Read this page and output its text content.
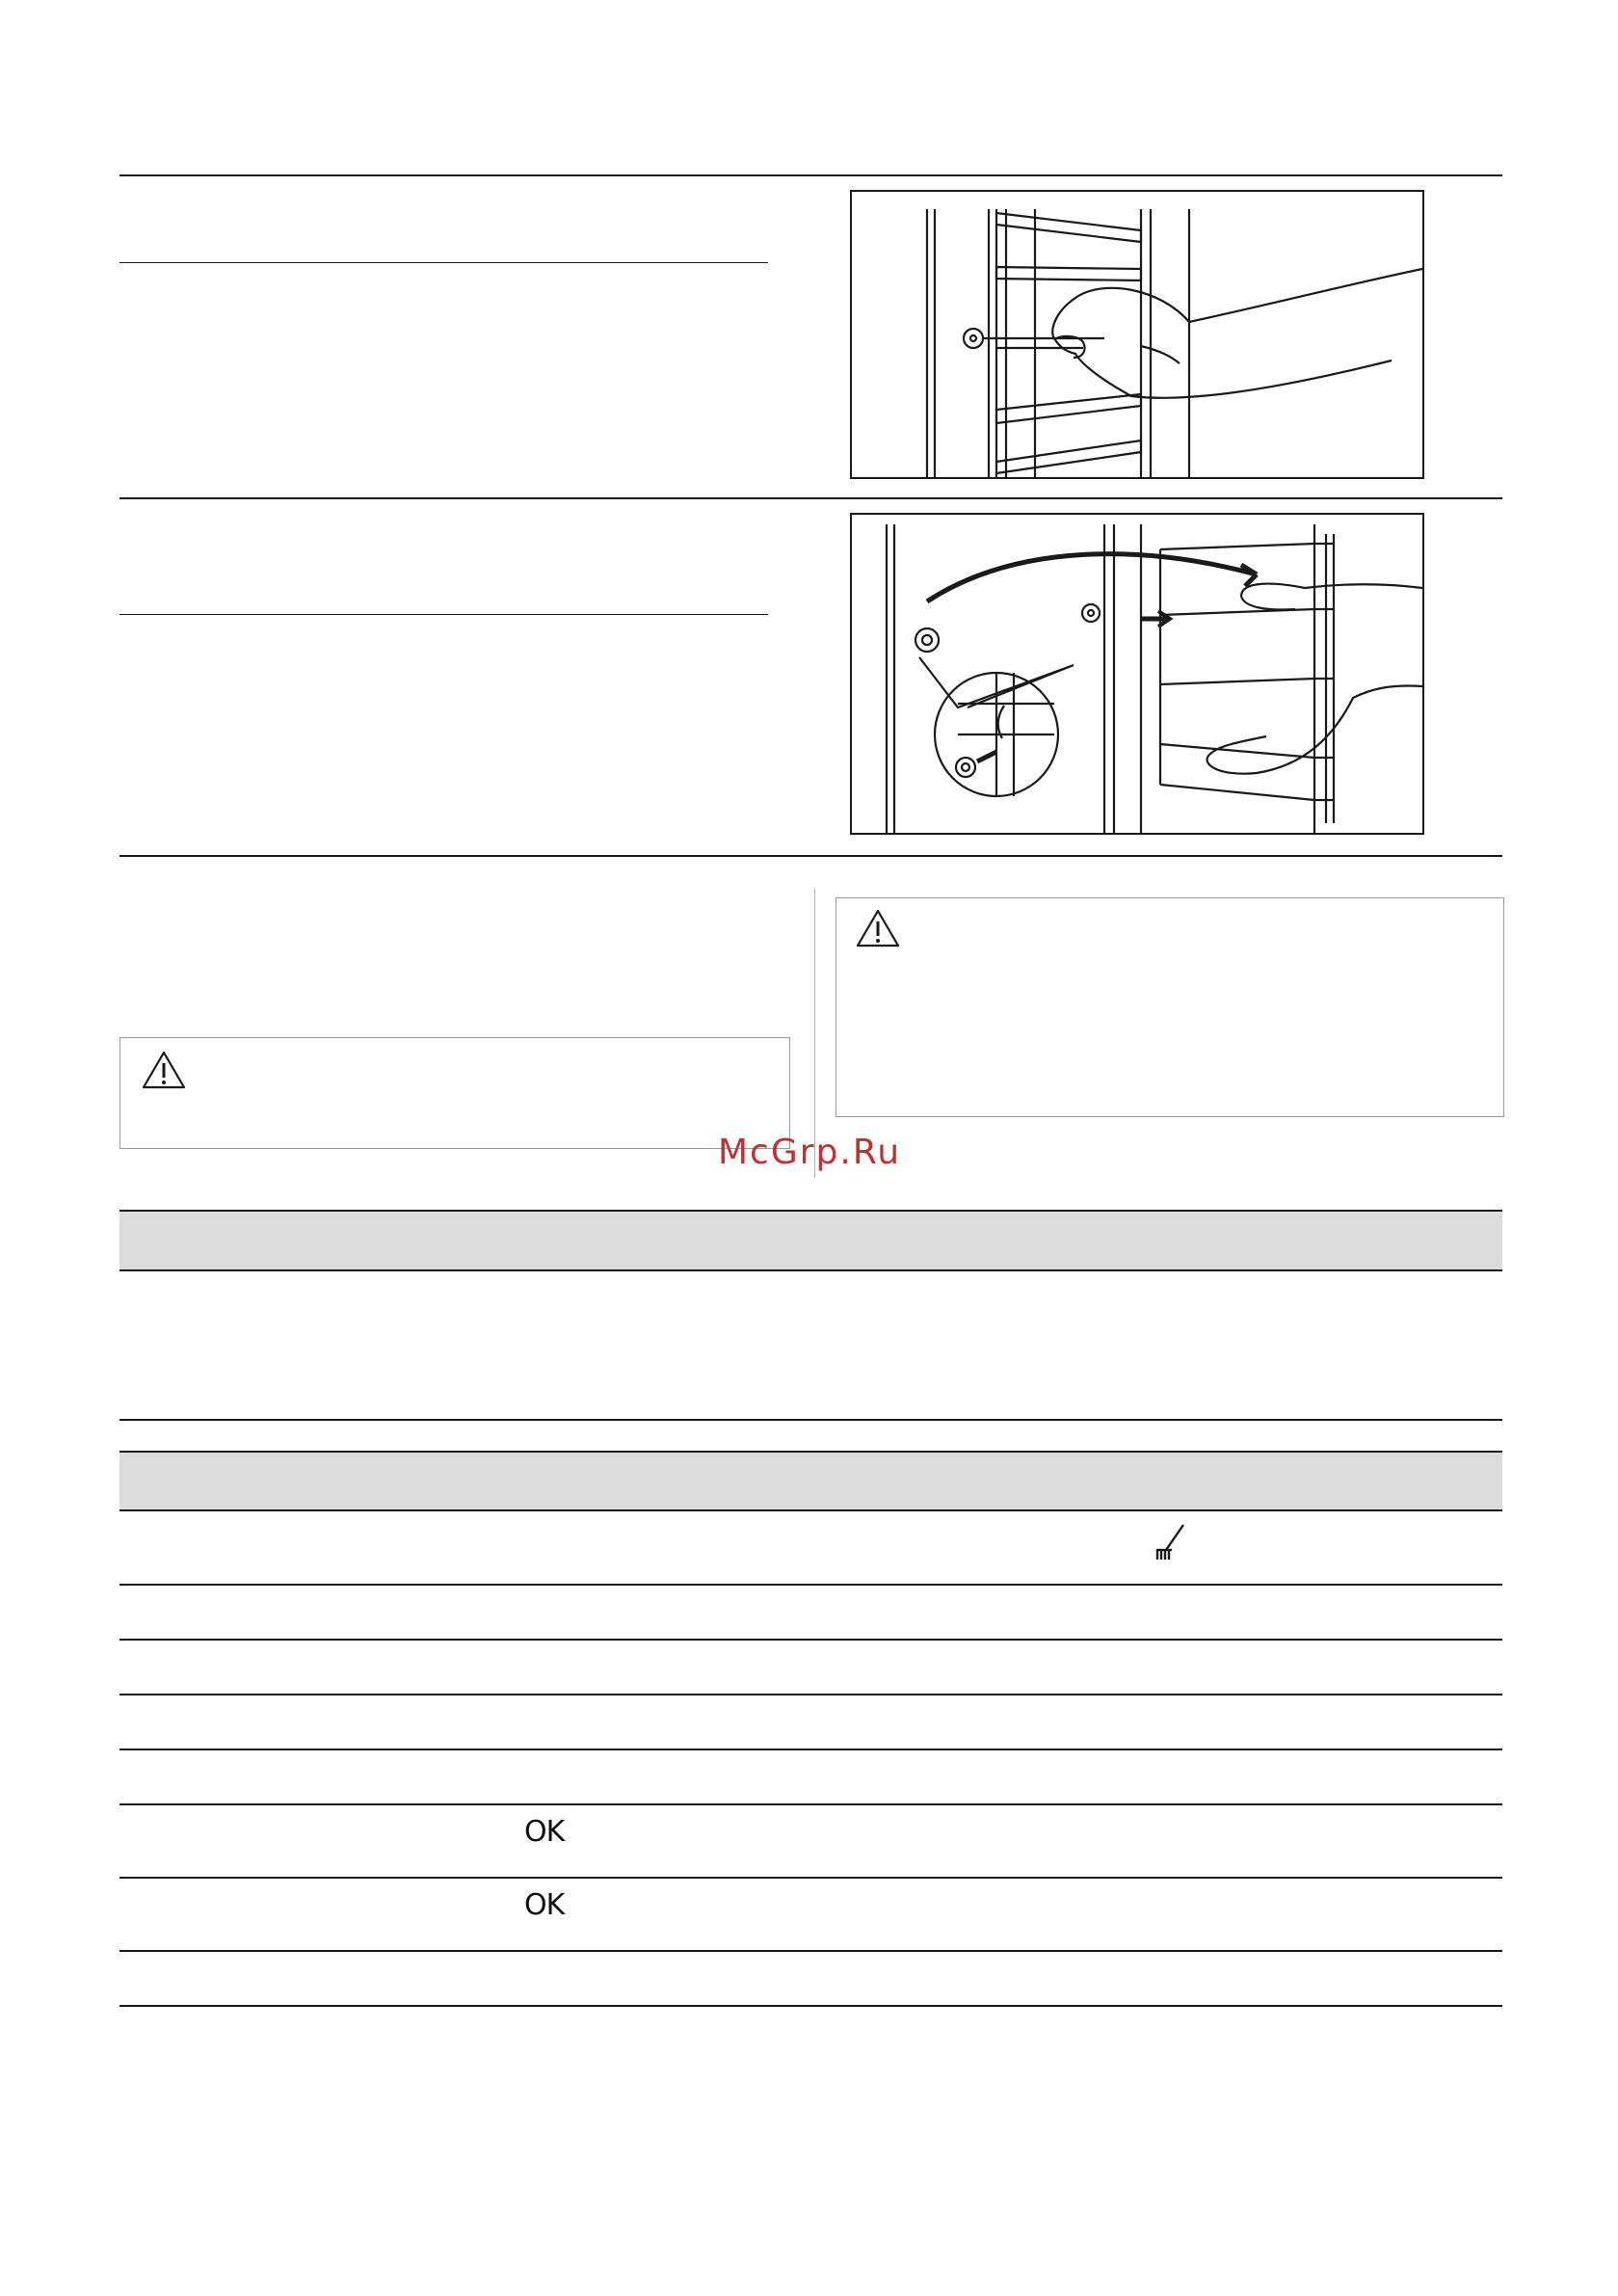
McGrp.Ru
OK
OK
